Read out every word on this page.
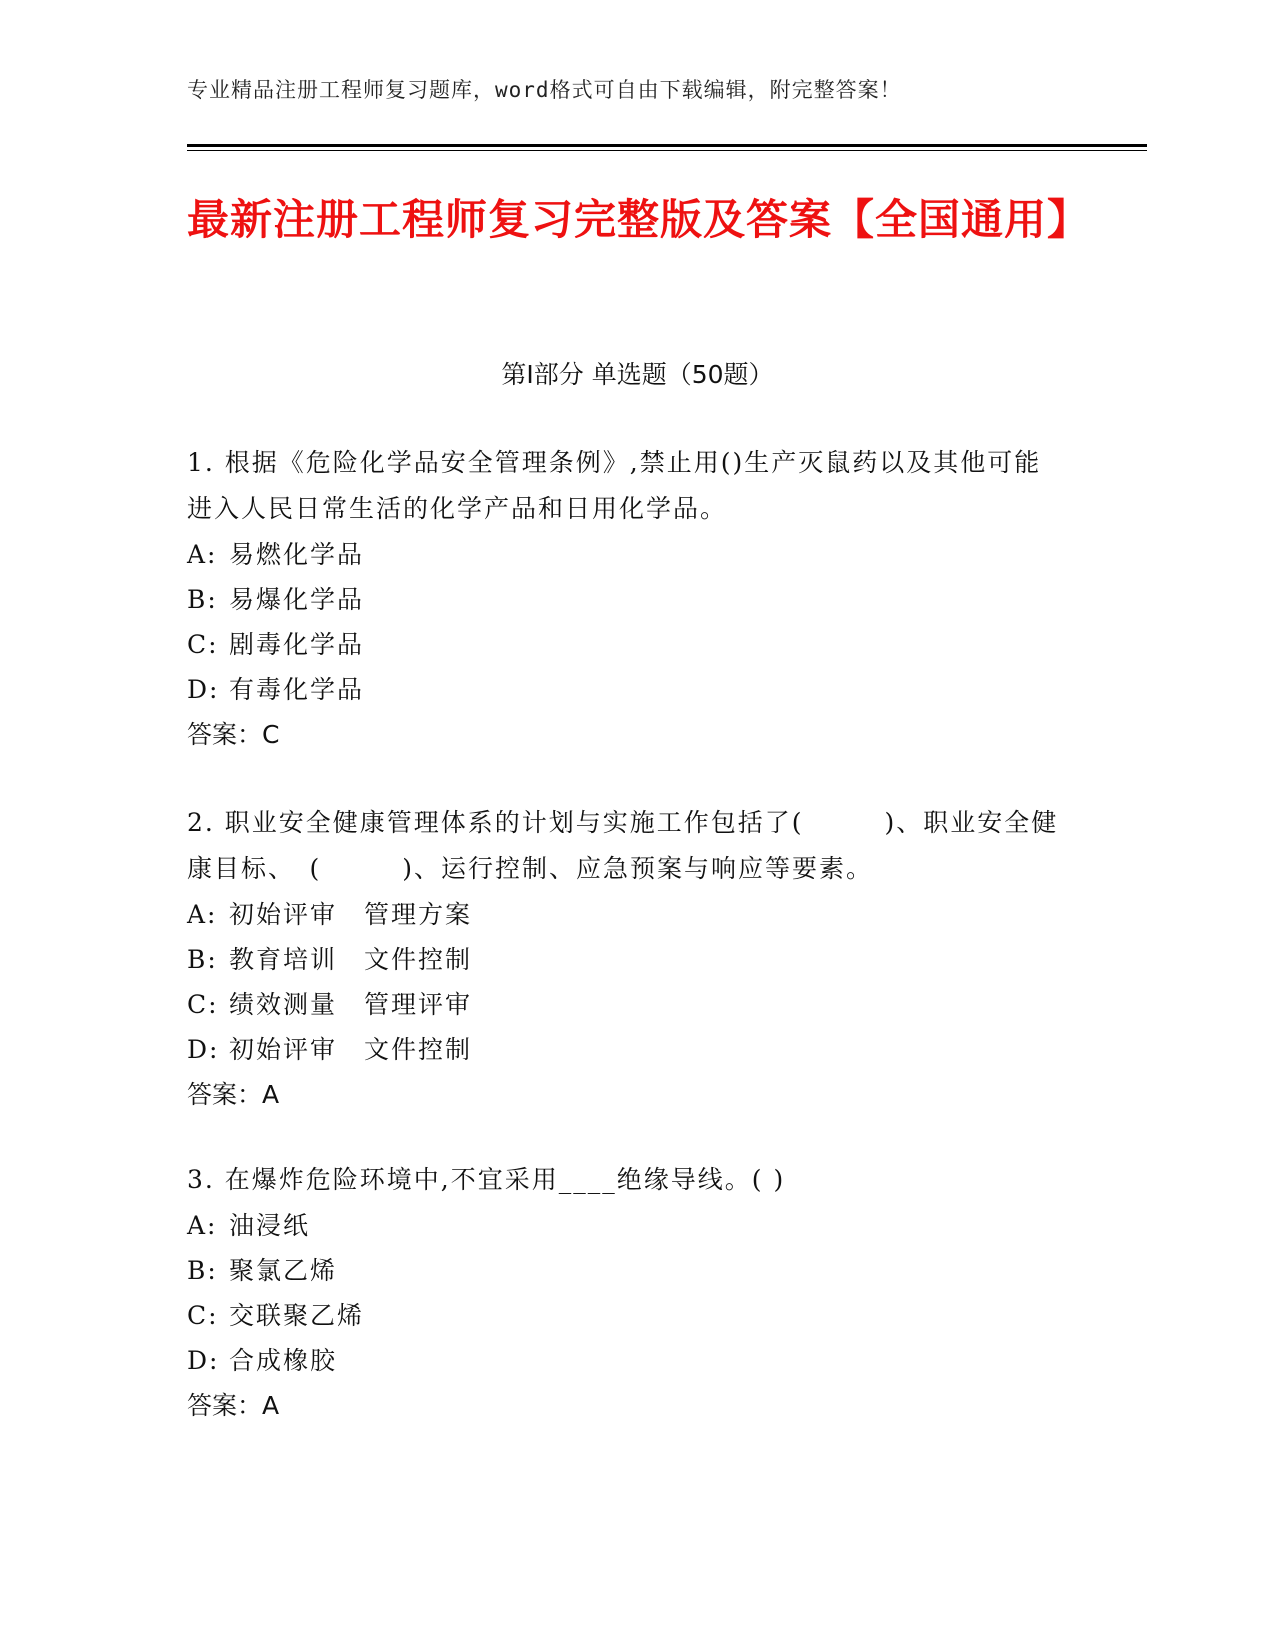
专业精品注册工程师复习题库，word格式可自由下载编辑，附完整答案！
最新注册工程师复习完整版及答案【全国通用】
第Ⅰ部分 单选题（50题）

1. 根据《危险化学品安全管理条例》,禁止用()生产灭鼠药以及其他可能进入人民日常生活的化学产品和日用化学品。

A: 易燃化学品
B: 易爆化学品
C: 剧毒化学品
D: 有毒化学品
答案：C

2. 职业安全健康管理体系的计划与实施工作包括了(　　　)、职业安全健康目标、　(　　　)、运行控制、应急预案与响应等要素。

A: 初始评审　管理方案
B: 教育培训　文件控制
C: 绩效测量　管理评审
D: 初始评审　文件控制
答案：A

3. 在爆炸危险环境中,不宜采用____绝缘导线。( )

A: 油浸纸
B: 聚氯乙烯
C: 交联聚乙烯
D: 合成橡胶
答案：A
